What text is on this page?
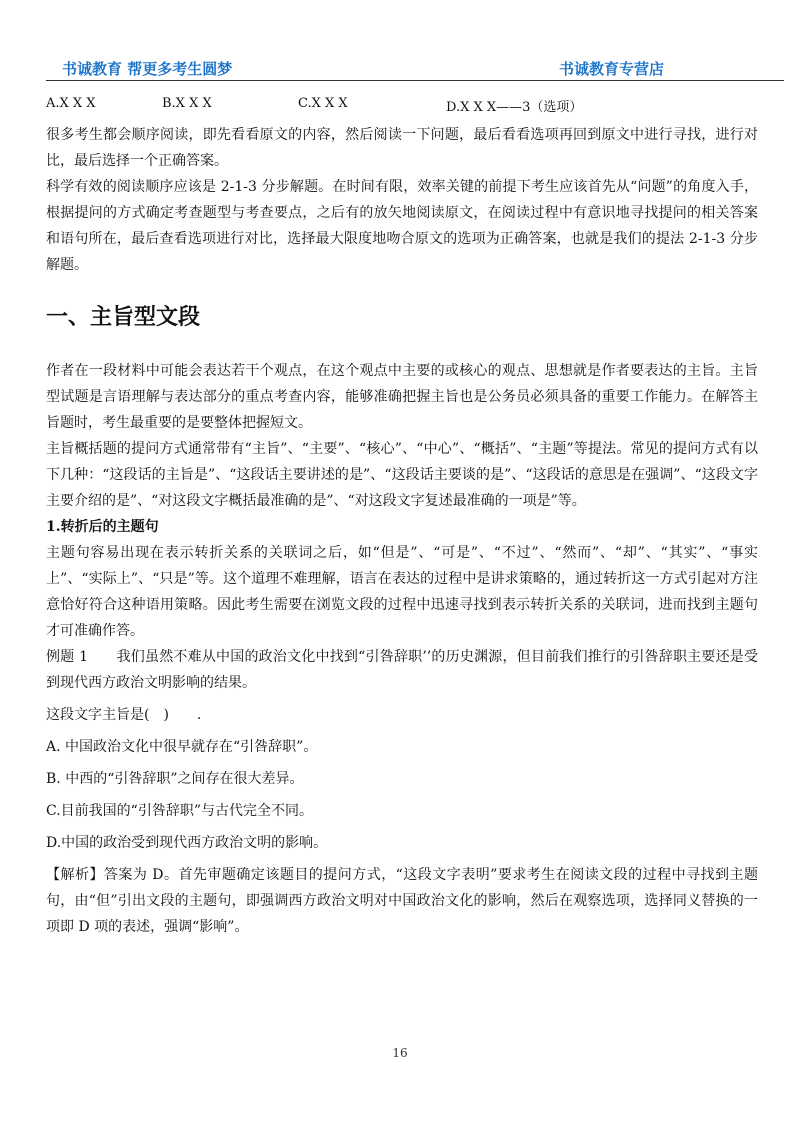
书诚教育 帮更多考生圆梦	书诚教育专营店
A.X X X	B.X X X	C.X X X	D.X X X——3（选项）

很多考生都会顺序阅读，即先看看原文的内容，然后阅读一下问题，最后看看选项再回到原文中进行寻找，进行对比，最后选择一个正确答案。

科学有效的阅读顺序应该是 2-1-3 分步解题。在时间有限，效率关键的前提下考生应该首先从“问题”的角度入手，根据提问的方式确定考查题型与考查要点，之后有的放矢地阅读原文，在阅读过程中有意识地寻找提问的相关答案和语句所在，最后查看选项进行对比，选择最大限度地吻合原文的选项为正确答案，也就是我们的提法 2-1-3 分步解题。

一、主旨型文段

作者在一段材料中可能会表达若干个观点，在这个观点中主要的或核心的观点、思想就是作者要表达的主旨。主旨型试题是言语理解与表达部分的重点考查内容，能够准确把握主旨也是公务员必须具备的重要工作能力。在解答主旨题时，考生最重要的是要整体把握短文。

主旨概括题的提问方式通常带有“主旨”、“主要”、“核心”、“中心”、“概括”、“主题”等提法。常见的提问方式有以下几种：“这段话的主旨是”、“这段话主要讲述的是”、“这段话主要谈的是”、“这段话的意思是在强调”、“这段文字主要介绍的是”、“对这段文字概括最准确的是”、“对这段文字复述最准确的一项是”等。

1.转折后的主题句

主题句容易出现在表示转折关系的关联词之后，如“但是”、“可是”、“不过”、“然而”、“却”、“其实”、“事实上”、“实际上”、“只是”等。这个道理不难理解，语言在表达的过程中是讲求策略的，通过转折这一方式引起对方注意恰好符合这种语用策略。因此考生需要在浏览文段的过程中迅速寻找到表示转折关系的关联词，进而找到主题句才可准确作答。

例题 1　　我们虽然不难从中国的政治文化中找到“引咎辞职’’的历史渊源，但目前我们推行的引咎辞职主要还是受到现代西方政治文明影响的结果。

这段文字主旨是(　)　　.

A. 中国政治文化中很早就存在“引咎辞职”。

B. 中西的“引咎辞职”之间存在很大差异。

C.目前我国的“引咎辞职”与古代完全不同。

D.中国的政治受到现代西方政治文明的影响。

【解析】答案为 D。首先审题确定该题目的提问方式，“这段文字表明”要求考生在阅读文段的过程中寻找到主题句，由“但”引出文段的主题句，即强调西方政治文明对中国政治文化的影响，然后在观察选项，选择同义替换的一项即 D 项的表述，强调“影响”。

16
